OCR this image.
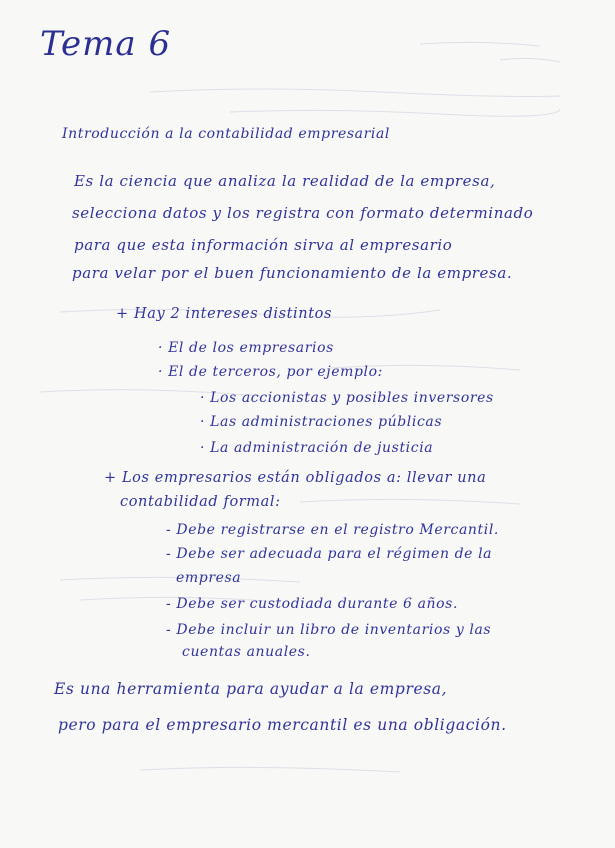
Tema 6
Introducción a la contabilidad empresarial
Es la ciencia que analiza la realidad de la empresa,
selecciona datos y los registra con formato determinado
para que esta información sirva al empresario
para velar por el buen funcionamiento de la empresa.
+ Hay 2 intereses distintos
· El de los empresarios
· El de terceros, por ejemplo:
· Los accionistas y posibles inversores
· Las administraciones públicas
· La administración de justicia
+ Los empresarios están obligados a: llevar una
contabilidad formal:
- Debe registrarse en el registro Mercantil.
- Debe ser adecuada para el régimen de la
empresa
- Debe ser custodiada durante 6 años.
- Debe incluir un libro de inventarios y las
cuentas anuales.
Es una herramienta para ayudar a la empresa,
pero para el empresario mercantil es una obligación.
